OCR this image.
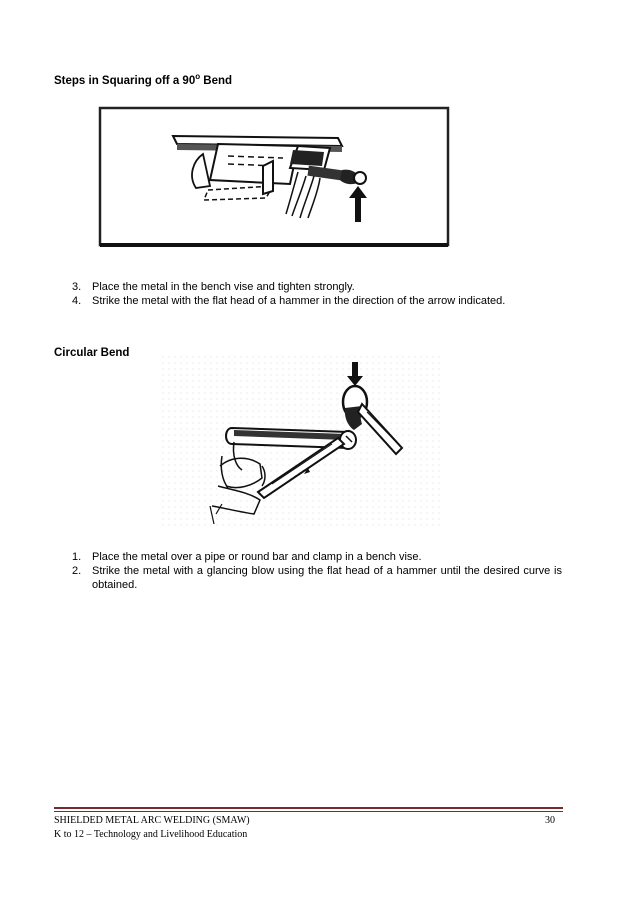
Steps in Squaring off a 90$^o$ Bend
3. Place the metal in the bench vise and tighten strongly.
4. Strike the metal with the flat head of a hammer in the direction of the arrow indicated.
Circular Bend
1. Place the metal over a pipe or round bar and clamp in a bench vise.
2. Strike the metal with a glancing blow using the flat head of a hammer until the desired curve is obtained.
SHIELDED METAL ARC WELDING (SMAW)	30
K to 12 – Technology and Livelihood Education
